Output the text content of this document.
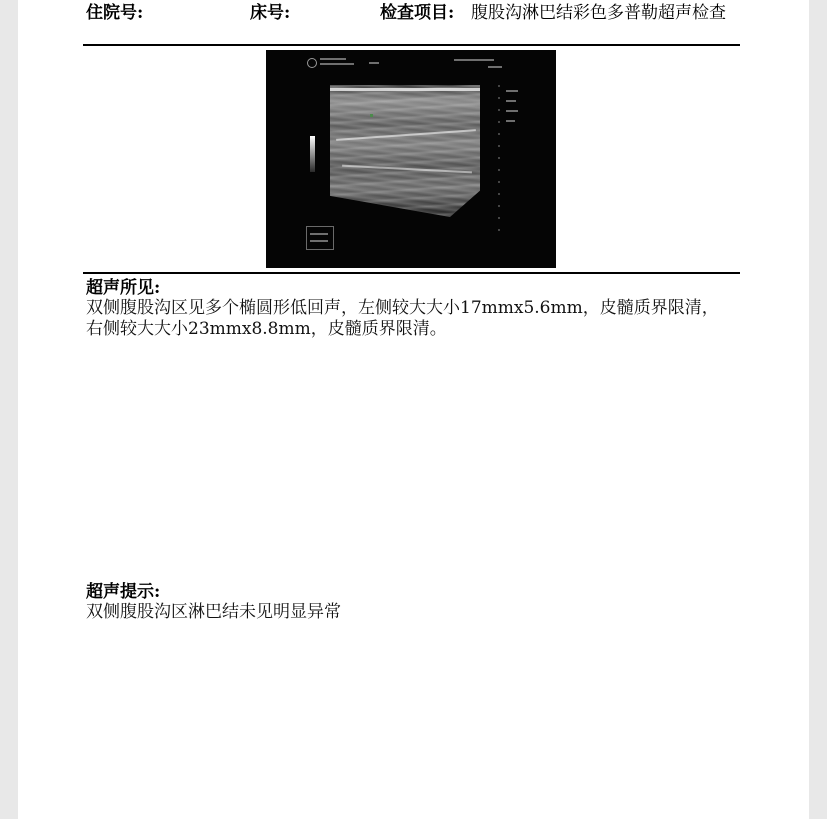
住院号:	床号:	检查项目: 腹股沟淋巴结彩色多普勒超声检查
超声所见:
双侧腹股沟区见多个椭圆形低回声，左侧较大大小17mmx5.6mm，皮髓质界限清，
右侧较大大小23mmx8.8mm，皮髓质界限清。
超声提示:
双侧腹股沟区淋巴结未见明显异常
